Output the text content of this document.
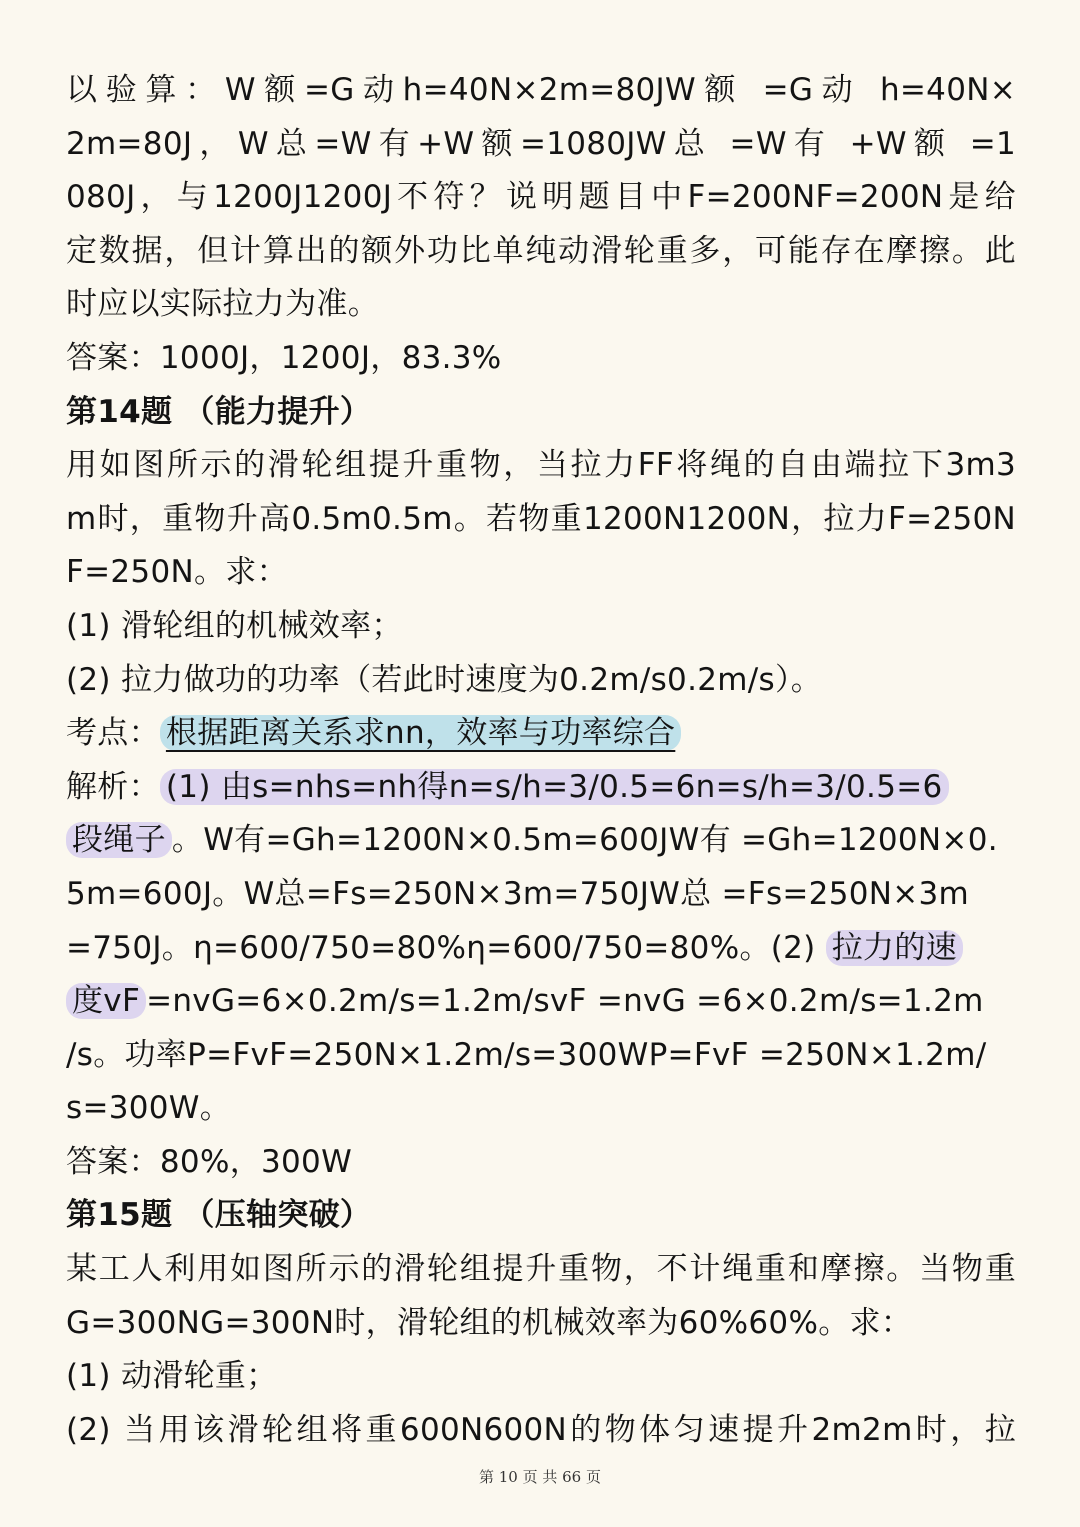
以验算：W额=G动h=40N×2m=80JW额 =G动 h=40N×
2m=80J，W总=W有+W额=1080JW总 =W有 +W额 =1
080J，与1200J1200J不符？说明题目中F=200NF=200N是给
定数据，但计算出的额外功比单纯动滑轮重多，可能存在摩擦。此
时应以实际拉力为准。
答案：1000J，1200J，83.3%
第14题 （能力提升）
用如图所示的滑轮组提升重物，当拉力FF将绳的自由端拉下3m3
m时，重物升高0.5m0.5m。若物重1200N1200N，拉力F=250N
F=250N。求：
(1) 滑轮组的机械效率；
(2) 拉力做功的功率（若此时速度为0.2m/s0.2m/s）。
考点： 根据距离关系求nn，效率与功率综合
解析： (1) 由s=nhs=nh得n=s/h=3/0.5=6n=s/h=3/0.5=6
段绳子 。W有=Gh=1200N×0.5m=600JW有 =Gh=1200N×0.
5m=600J。W总=Fs=250N×3m=750JW总 =Fs=250N×3m
=750J。η=600/750=80%η=600/750=80%。(2) 拉力的速
度vF =nvG=6×0.2m/s=1.2m/svF =nvG =6×0.2m/s=1.2m
/s。功率P=FvF=250N×1.2m/s=300WP=FvF =250N×1.2m/
s=300W。
答案：80%，300W
第15题 （压轴突破）
某工人利用如图所示的滑轮组提升重物，不计绳重和摩擦。当物重
G=300NG=300N时，滑轮组的机械效率为60%60%。求：
(1) 动滑轮重；
(2) 当用该滑轮组将重600N600N的物体匀速提升2m2m时，拉
第 10 页 共 66 页
